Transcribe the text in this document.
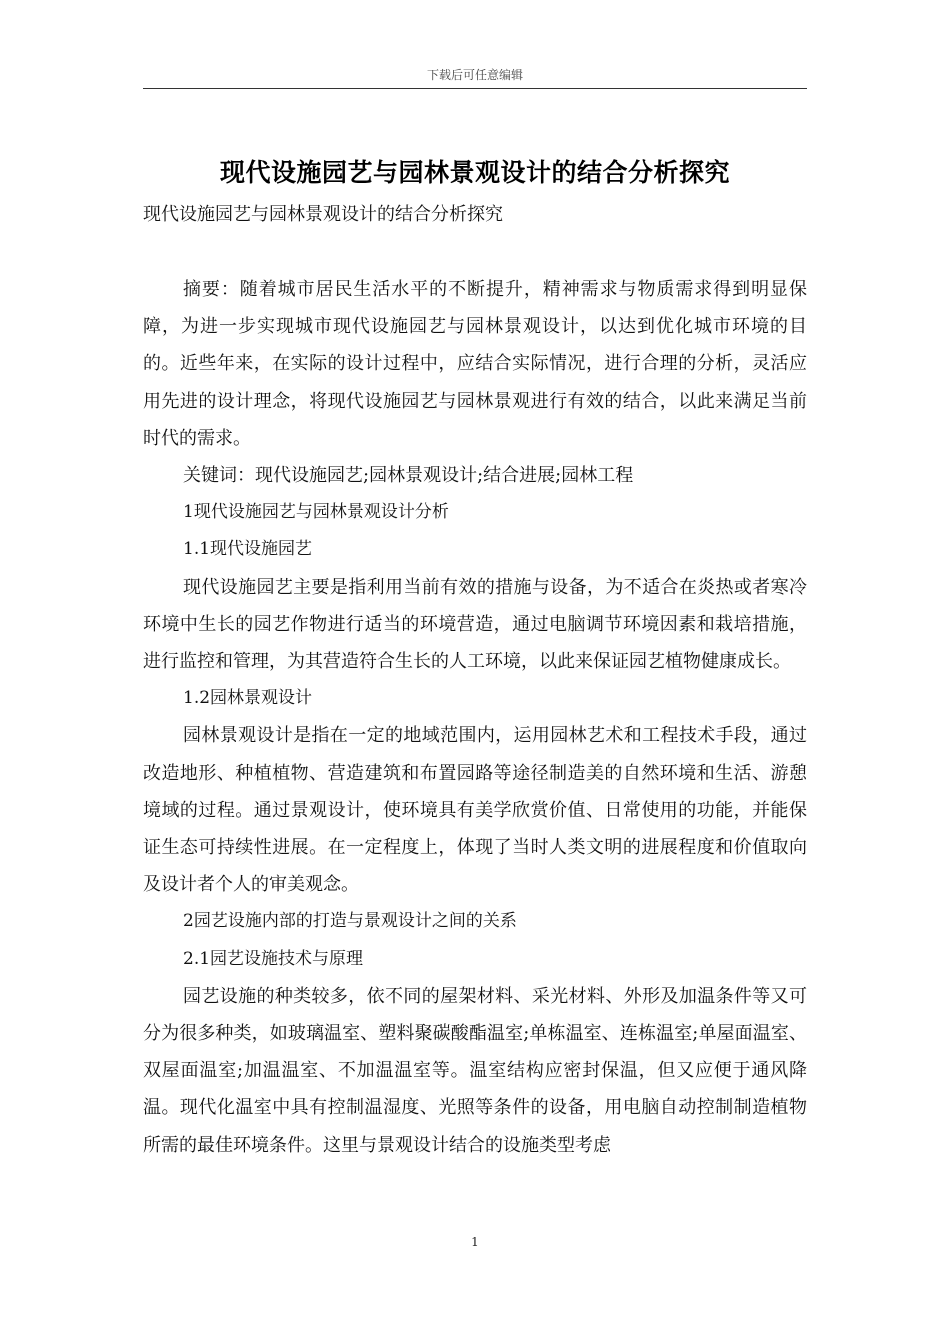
下载后可任意编辑
现代设施园艺与园林景观设计的结合分析探究
现代设施园艺与园林景观设计的结合分析探究

摘要：随着城市居民生活水平的不断提升，精神需求与物质需求得到明显保障，为进一步实现城市现代设施园艺与园林景观设计，以达到优化城市环境的目的。近些年来，在实际的设计过程中，应结合实际情况，进行合理的分析，灵活应用先进的设计理念，将现代设施园艺与园林景观进行有效的结合，以此来满足当前时代的需求。

关键词：现代设施园艺;园林景观设计;结合进展;园林工程

1现代设施园艺与园林景观设计分析

1.1现代设施园艺

现代设施园艺主要是指利用当前有效的措施与设备，为不适合在炎热或者寒冷环境中生长的园艺作物进行适当的环境营造，通过电脑调节环境因素和栽培措施，进行监控和管理，为其营造符合生长的人工环境，以此来保证园艺植物健康成长。

1.2园林景观设计

园林景观设计是指在一定的地域范围内，运用园林艺术和工程技术手段，通过改造地形、种植植物、营造建筑和布置园路等途径制造美的自然环境和生活、游憩境域的过程。通过景观设计，使环境具有美学欣赏价值、日常使用的功能，并能保证生态可持续性进展。在一定程度上，体现了当时人类文明的进展程度和价值取向及设计者个人的审美观念。

2园艺设施内部的打造与景观设计之间的关系

2.1园艺设施技术与原理

园艺设施的种类较多，依不同的屋架材料、采光材料、外形及加温条件等又可分为很多种类，如玻璃温室、塑料聚碳酸酯温室;单栋温室、连栋温室;单屋面温室、双屋面温室;加温温室、不加温温室等。温室结构应密封保温，但又应便于通风降温。现代化温室中具有控制温湿度、光照等条件的设备，用电脑自动控制制造植物所需的最佳环境条件。这里与景观设计结合的设施类型考虑

1
